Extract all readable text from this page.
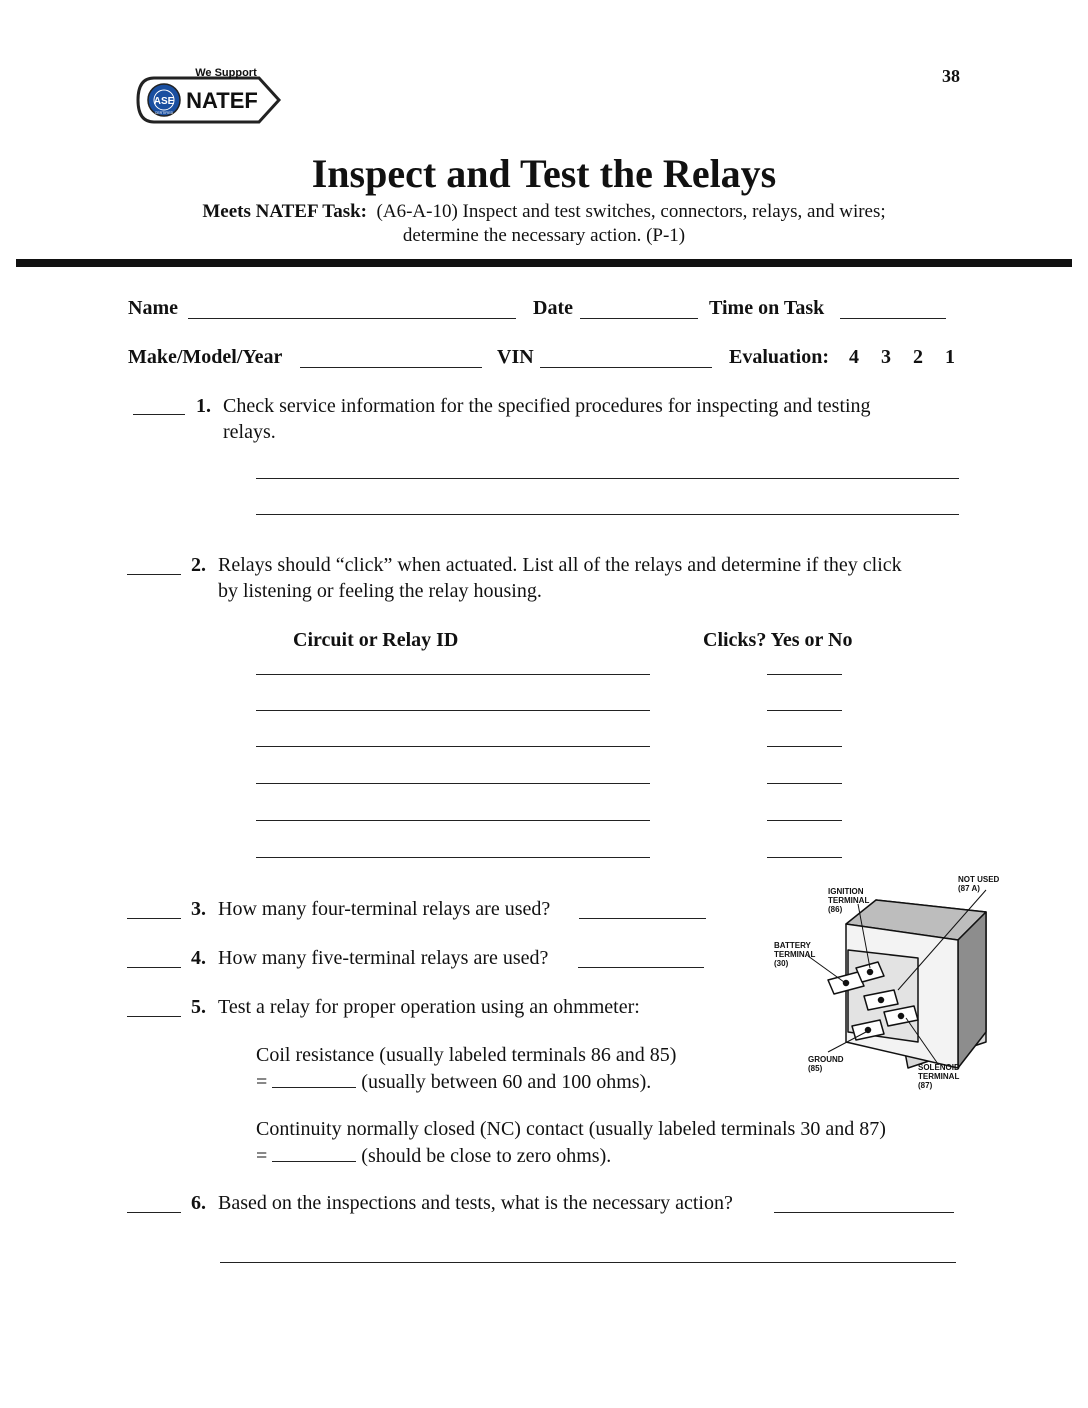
ASE
CERTIFIED
We Support
NATEF
38
Inspect and Test the Relays
Meets NATEF Task: (A6-A-10) Inspect and test switches, connectors, relays, and wires;
determine the necessary action. (P-1)
Name	Date	Time on Task
Make/Model/Year	VIN	Evaluation: 4 3 2 1
1. Check service information for the specified procedures for inspecting and testing
relays.
2. Relays should “click” when actuated. List all of the relays and determine if they click
by listening or feeling the relay housing.
Circuit or Relay ID	Clicks? Yes or No
3. How many four-terminal relays are used?
4. How many five-terminal relays are used?
5. Test a relay for proper operation using an ohmmeter:
Coil resistance (usually labeled terminals 86 and 85)
=	(usually between 60 and 100 ohms).
Continuity normally closed (NC) contact (usually labeled terminals 30 and 87)
=	(should be close to zero ohms).
6. Based on the inspections and tests, what is the necessary action?
NOT USED
(87 A)
IGNITION
TERMINAL
(86)
BATTERY
TERMINAL
(30)
GROUND
(85)	SOLENOID
TERMINAL
(87)
